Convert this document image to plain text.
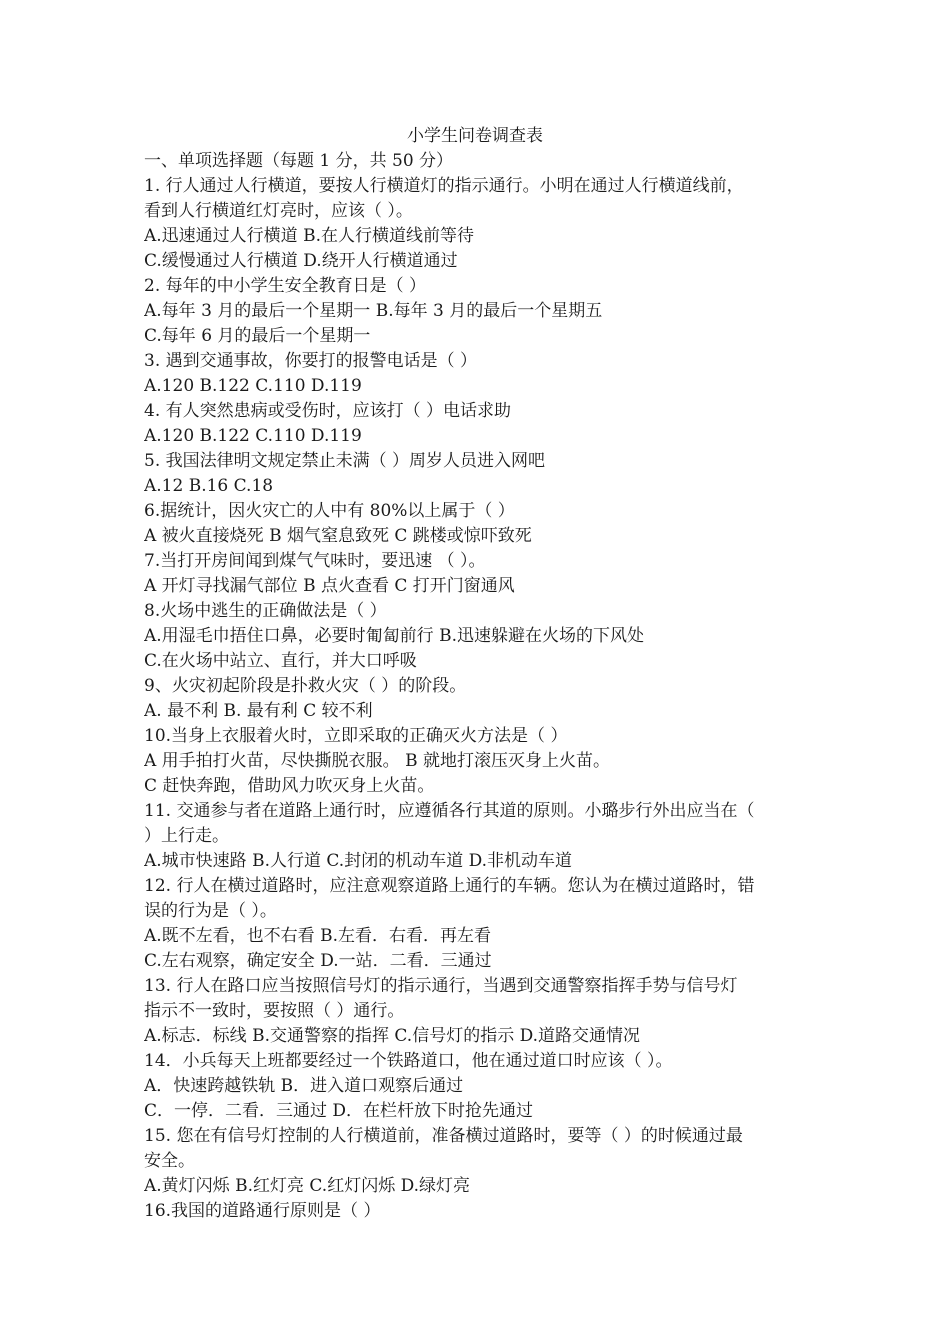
小学生问卷调查表
一、单项选择题（每题 1 分，共 50 分）
1. 行人通过人行横道，要按人行横道灯的指示通行。小明在通过人行横道线前，
看到人行横道红灯亮时，应该（ ）。
A.迅速通过人行横道 B.在人行横道线前等待
C.缓慢通过人行横道 D.绕开人行横道通过
2. 每年的中小学生安全教育日是（ ）
A.每年 3 月的最后一个星期一 B.每年 3 月的最后一个星期五
C.每年 6 月的最后一个星期一
3. 遇到交通事故，你要打的报警电话是（ ）
A.120 B.122 C.110 D.119
4. 有人突然患病或受伤时，应该打（ ）电话求助
A.120 B.122 C.110 D.119
5. 我国法律明文规定禁止未满（ ）周岁人员进入网吧
A.12 B.16 C.18
6.据统计，因火灾亡的人中有 80%以上属于（ ）
A 被火直接烧死 B 烟气窒息致死 C 跳楼或惊吓致死
7.当打开房间闻到煤气气味时，要迅速 （ ）。
A 开灯寻找漏气部位 B 点火查看 C 打开门窗通风
8.火场中逃生的正确做法是（ ）
A.用湿毛巾捂住口鼻，必要时匍匐前行 B.迅速躲避在火场的下风处
C.在火场中站立、直行，并大口呼吸
9、火灾初起阶段是扑救火灾（ ）的阶段。
A. 最不利 B. 最有利 C 较不利
10.当身上衣服着火时，立即采取的正确灭火方法是（ ）
A 用手拍打火苗，尽快撕脱衣服。 B 就地打滚压灭身上火苗。
C 赶快奔跑，借助风力吹灭身上火苗。
11. 交通参与者在道路上通行时，应遵循各行其道的原则。小璐步行外出应当在（
）上行走。
A.城市快速路 B.人行道 C.封闭的机动车道 D.非机动车道
12. 行人在横过道路时，应注意观察道路上通行的车辆。您认为在横过道路时，错
误的行为是（ ）。
A.既不左看，也不右看 B.左看．右看．再左看
C.左右观察，确定安全 D.一站．二看．三通过
13. 行人在路口应当按照信号灯的指示通行，当遇到交通警察指挥手势与信号灯
指示不一致时，要按照（ ）通行。
A.标志．标线 B.交通警察的指挥 C.信号灯的指示 D.道路交通情况
14．小兵每天上班都要经过一个铁路道口，他在通过道口时应该（ ）。
A．快速跨越铁轨 B．进入道口观察后通过
C．一停．二看．三通过 D．在栏杆放下时抢先通过
15. 您在有信号灯控制的人行横道前，准备横过道路时，要等（ ）的时候通过最
安全。
A.黄灯闪烁 B.红灯亮 C.红灯闪烁 D.绿灯亮
16.我国的道路通行原则是（ ）
